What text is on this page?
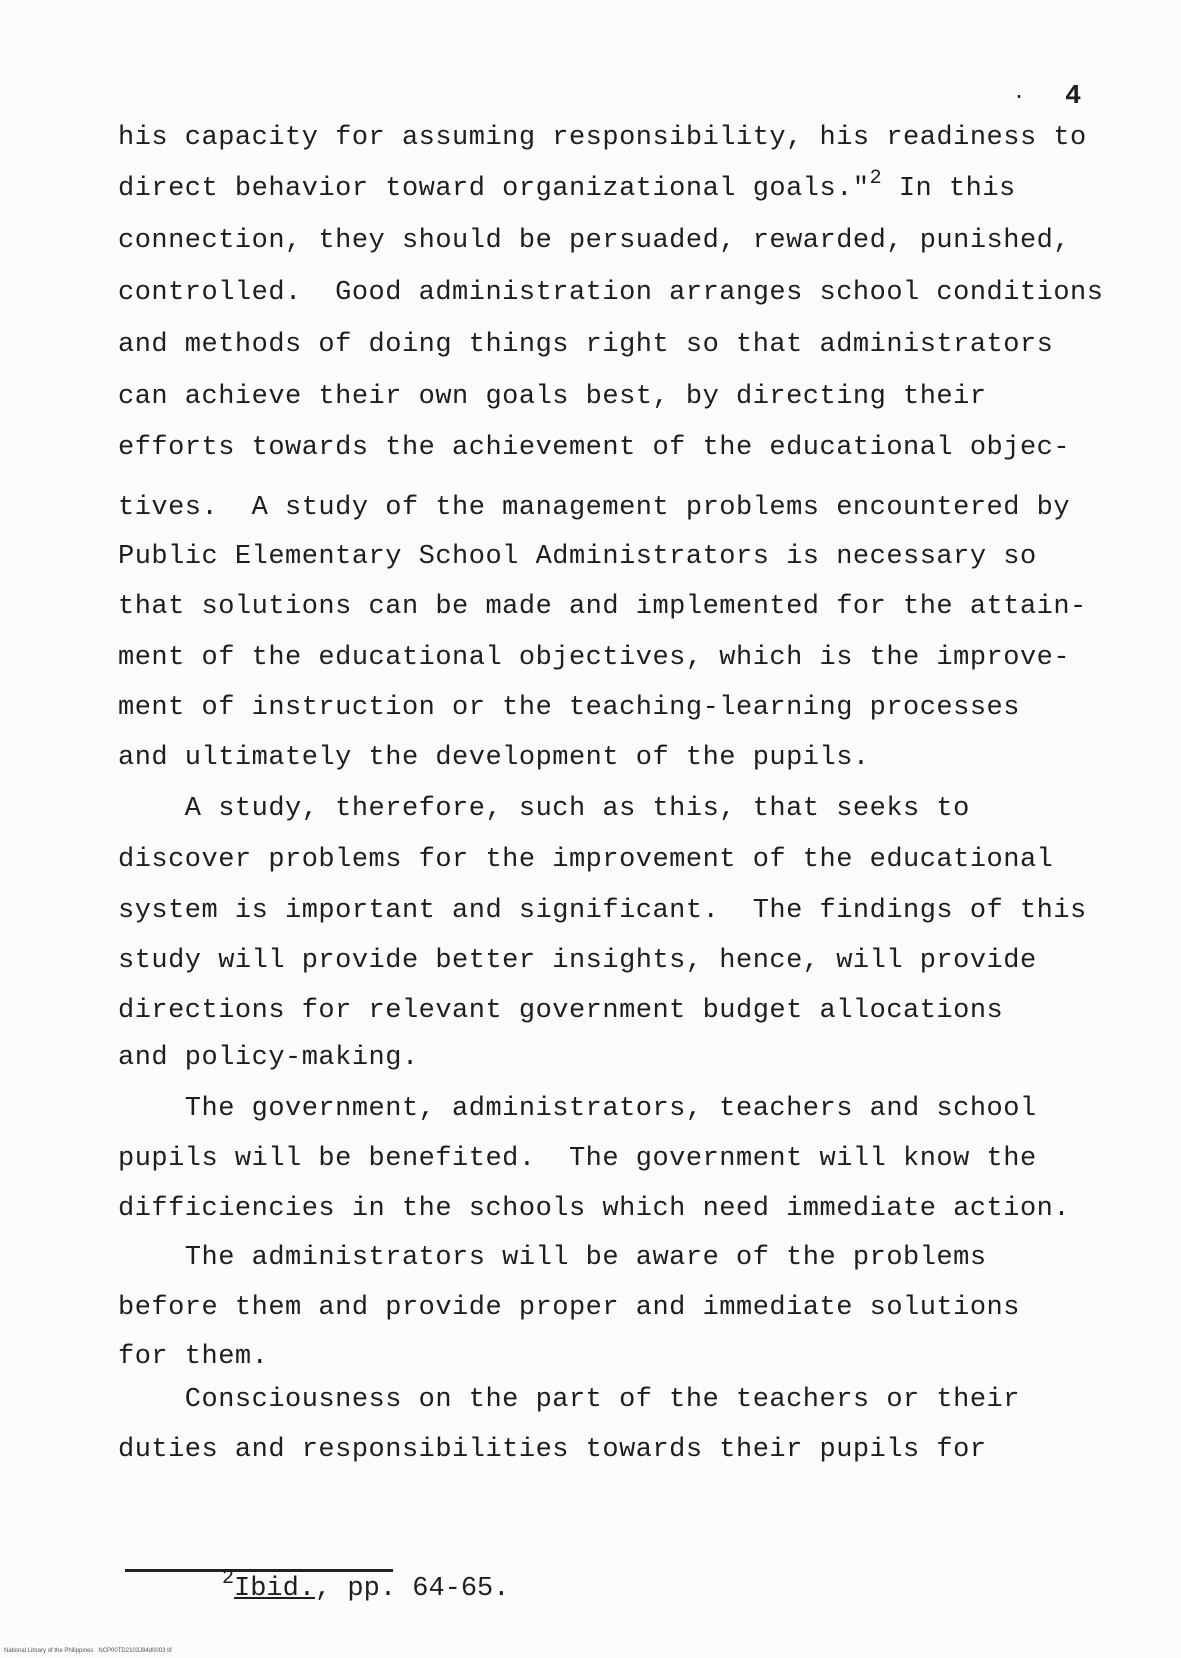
· 4

his capacity for assuming responsibility, his readiness to

direct behavior toward organizational goals."$^2$ In this

connection, they should be persuaded, rewarded, punished,

controlled.  Good administration arranges school conditions

and methods of doing things right so that administrators

can achieve their own goals best, by directing their

efforts towards the achievement of the educational objec-

tives.  A study of the management problems encountered by

Public Elementary School Administrators is necessary so

that solutions can be made and implemented for the attain-

ment of the educational objectives, which is the improve-

ment of instruction or the teaching-learning processes

and ultimately the development of the pupils.

A study, therefore, such as this, that seeks to

discover problems for the improvement of the educational

system is important and significant.  The findings of this

study will provide better insights, hence, will provide

directions for relevant government budget allocations

and policy-making.

The government, administrators, teachers and school

pupils will be benefited.  The government will know the

difficiencies in the schools which need immediate action.

The administrators will be aware of the problems

before them and provide proper and immediate solutions

for them.

Consciousness on the part of the teachers or their

duties and responsibilities towards their pupils for

$^2$Ibid., pp. 64-65.

National Library of the Philippines   NCP00TD2103J84d0003 tif
